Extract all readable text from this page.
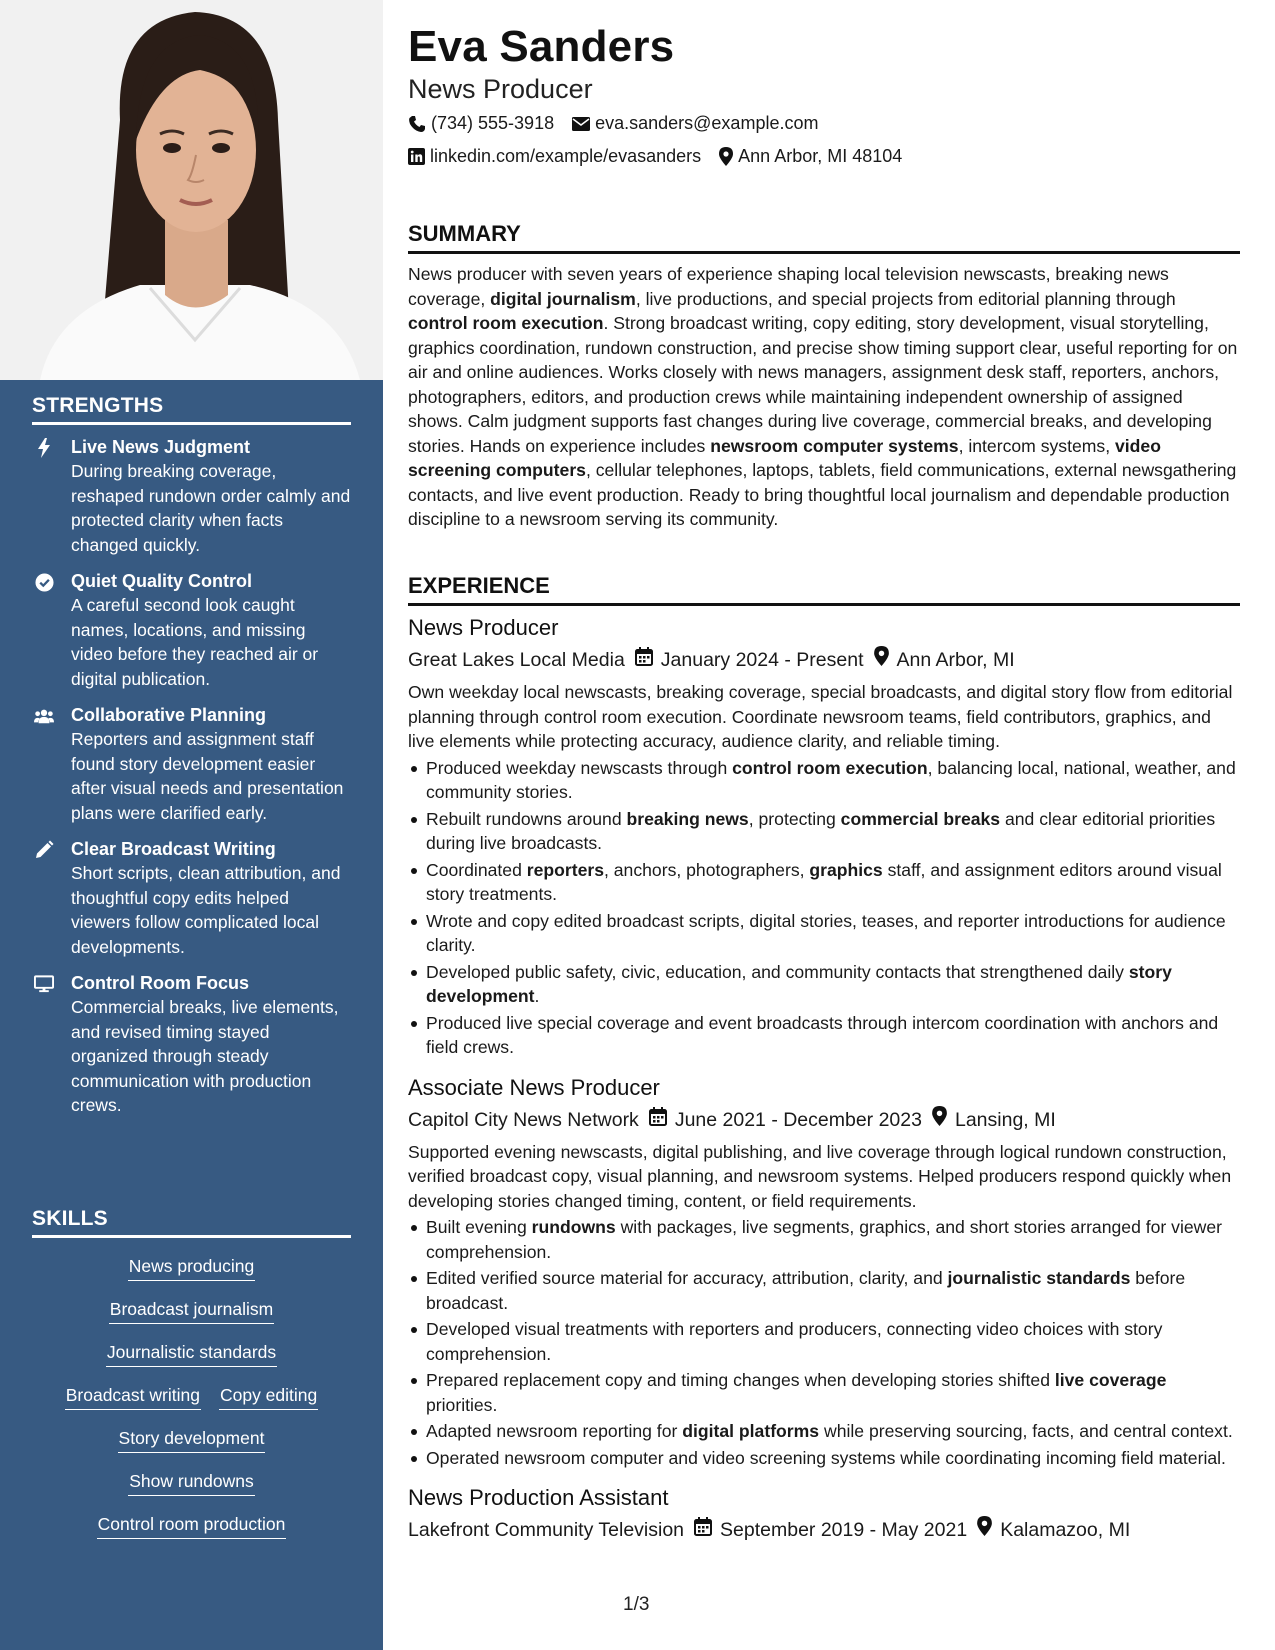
STRENGTHS
Live News Judgment
During breaking coverage, reshaped rundown order calmly and protected clarity when facts changed quickly.
Quiet Quality Control
A careful second look caught names, locations, and missing video before they reached air or digital publication.
Collaborative Planning
Reporters and assignment staff found story development easier after visual needs and presentation plans were clarified early.
Clear Broadcast Writing
Short scripts, clean attribution, and thoughtful copy edits helped viewers follow complicated local developments.
Control Room Focus
Commercial breaks, live elements, and revised timing stayed organized through steady communication with production crews.
SKILLS
News producing
Broadcast journalism
Journalistic standards
Broadcast writing Copy editing
Story development
Show rundowns
Control room production
Eva Sanders
News Producer
(734) 555-3918 eva.sanders@example.com
linkedin.com/example/evasanders Ann Arbor, MI 48104
SUMMARY
News producer with seven years of experience shaping local television newscasts, breaking news coverage, digital journalism, live productions, and special projects from editorial planning through control room execution. Strong broadcast writing, copy editing, story development, visual storytelling, graphics coordination, rundown construction, and precise show timing support clear, useful reporting for on air and online audiences. Works closely with news managers, assignment desk staff, reporters, anchors, photographers, editors, and production crews while maintaining independent ownership of assigned shows. Calm judgment supports fast changes during live coverage, commercial breaks, and developing stories. Hands on experience includes newsroom computer systems, intercom systems, video screening computers, cellular telephones, laptops, tablets, field communications, external newsgathering contacts, and live event production. Ready to bring thoughtful local journalism and dependable production discipline to a newsroom serving its community.
EXPERIENCE
News Producer
Great Lakes Local Media January 2024 - Present Ann Arbor, MI
Own weekday local newscasts, breaking coverage, special broadcasts, and digital story flow from editorial planning through control room execution. Coordinate newsroom teams, field contributors, graphics, and live elements while protecting accuracy, audience clarity, and reliable timing.
Produced weekday newscasts through control room execution, balancing local, national, weather, and community stories.
Rebuilt rundowns around breaking news, protecting commercial breaks and clear editorial priorities during live broadcasts.
Coordinated reporters, anchors, photographers, graphics staff, and assignment editors around visual story treatments.
Wrote and copy edited broadcast scripts, digital stories, teases, and reporter introductions for audience clarity.
Developed public safety, civic, education, and community contacts that strengthened daily story development.
Produced live special coverage and event broadcasts through intercom coordination with anchors and field crews.
Associate News Producer
Capitol City News Network June 2021 - December 2023 Lansing, MI
Supported evening newscasts, digital publishing, and live coverage through logical rundown construction, verified broadcast copy, visual planning, and newsroom systems. Helped producers respond quickly when developing stories changed timing, content, or field requirements.
Built evening rundowns with packages, live segments, graphics, and short stories arranged for viewer comprehension.
Edited verified source material for accuracy, attribution, clarity, and journalistic standards before broadcast.
Developed visual treatments with reporters and producers, connecting video choices with story comprehension.
Prepared replacement copy and timing changes when developing stories shifted live coverage priorities.
Adapted newsroom reporting for digital platforms while preserving sourcing, facts, and central context.
Operated newsroom computer and video screening systems while coordinating incoming field material.
News Production Assistant
Lakefront Community Television September 2019 - May 2021 Kalamazoo, MI
1/3
